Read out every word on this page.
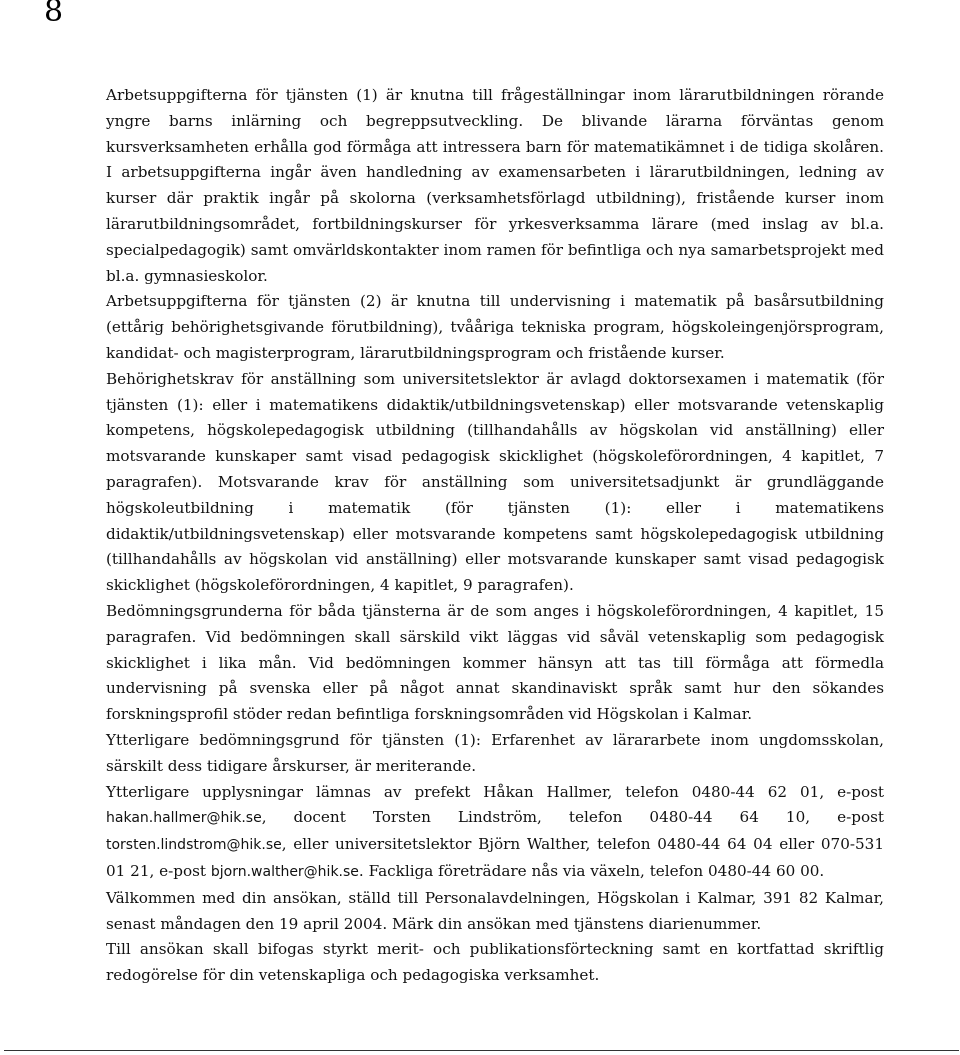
8

Arbetsuppgifterna för tjänsten (1) är knutna till frågeställningar inom lärarutbildningen rörande yngre barns inlärning och begreppsutveckling. De blivande lärarna förväntas genom kursverksamheten erhålla god förmåga att intressera barn för matematikämnet i de tidiga skolåren. I arbetsuppgifterna ingår även handledning av examensarbeten i lärarutbildningen, ledning av kurser där praktik ingår på skolorna (verksamhetsförlagd utbildning), fristående kurser inom lärarutbildningsområdet, fortbildningskurser för yrkesverksamma lärare (med inslag av bl.a. specialpedagogik) samt omvärldskontakter inom ramen för befintliga och nya samarbetsprojekt med bl.a. gymnasieskolor.

Arbetsuppgifterna för tjänsten (2) är knutna till undervisning i matematik på basårsutbildning (ettårig behörighetsgivande förutbildning), tvååriga tekniska program, högskoleingenjörsprogram, kandidat- och magisterprogram, lärarutbildningsprogram och fristående kurser.

Behörighetskrav för anställning som universitetslektor är avlagd doktorsexamen i matematik (för tjänsten (1): eller i matematikens didaktik/utbildningsvetenskap) eller motsvarande vetenskaplig kompetens, högskolepedagogisk utbildning (tillhandahålls av högskolan vid anställning) eller motsvarande kunskaper samt visad pedagogisk skicklighet (högskoleförordningen, 4 kapitlet, 7 paragrafen). Motsvarande krav för anställning som universitetsadjunkt är grundläggande högskoleutbildning i matematik (för tjänsten (1): eller i matematikens didaktik/utbildningsvetenskap) eller motsvarande kompetens samt högskolepedagogisk utbildning (tillhandahålls av högskolan vid anställning) eller motsvarande kunskaper samt visad pedagogisk skicklighet (högskoleförordningen, 4 kapitlet, 9 paragrafen).

Bedömningsgrunderna för båda tjänsterna är de som anges i högskoleförordningen, 4 kapitlet, 15 paragrafen. Vid bedömningen skall särskild vikt läggas vid såväl vetenskaplig som pedagogisk skicklighet i lika mån. Vid bedömningen kommer hänsyn att tas till förmåga att förmedla undervisning på svenska eller på något annat skandinaviskt språk samt hur den sökandes forskningsprofil stöder redan befintliga forskningsområden vid Högskolan i Kalmar.

Ytterligare bedömningsgrund för tjänsten (1): Erfarenhet av lärararbete inom ungdomsskolan, särskilt dess tidigare årskurser, är meriterande.

Ytterligare upplysningar lämnas av prefekt Håkan Hallmer, telefon 0480-44 62 01, e-post hakan.hallmer@hik.se, docent Torsten Lindström, telefon 0480-44 64 10, e-post torsten.lindstrom@hik.se, eller universitetslektor Björn Walther, telefon 0480-44 64 04 eller 070-531 01 21, e-post bjorn.walther@hik.se. Fackliga företrädare nås via växeln, telefon 0480-44 60 00.

Välkommen med din ansökan, ställd till Personalavdelningen, Högskolan i Kalmar, 391 82 Kalmar, senast måndagen den 19 april 2004. Märk din ansökan med tjänstens diarienummer.

Till ansökan skall bifogas styrkt merit- och publikationsförteckning samt en kortfattad skriftlig redogörelse för din vetenskapliga och pedagogiska verksamhet.
